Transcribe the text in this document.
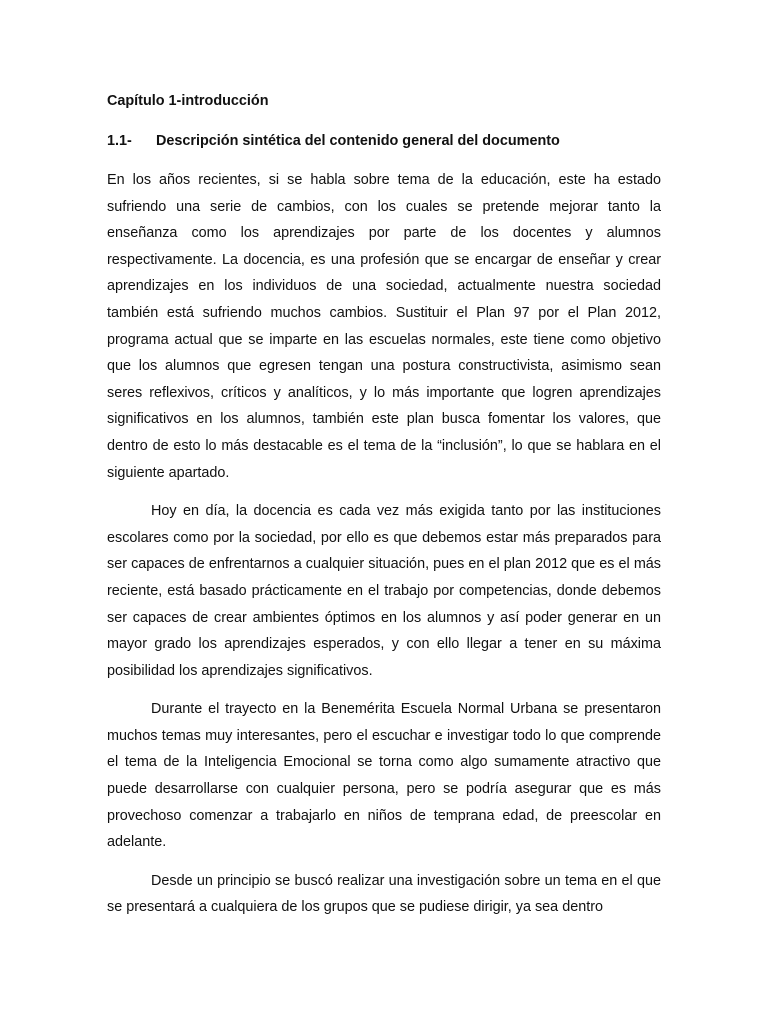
Capítulo 1-introducción
1.1- Descripción sintética del contenido general del documento

En los años recientes, si se habla sobre tema de la educación, este ha estado sufriendo una serie de cambios, con los cuales se pretende mejorar tanto la enseñanza como los aprendizajes por parte de los docentes y alumnos respectivamente. La docencia, es una profesión que se encargar de enseñar y crear aprendizajes en los individuos de una sociedad, actualmente nuestra sociedad también está sufriendo muchos cambios. Sustituir el Plan 97 por el Plan 2012, programa actual que se imparte en las escuelas normales, este tiene como objetivo que los alumnos que egresen tengan una postura constructivista, asimismo sean seres reflexivos, críticos y analíticos, y lo más importante que logren aprendizajes significativos en los alumnos, también este plan busca fomentar los valores, que dentro de esto lo más destacable es el tema de la “inclusión”, lo que se hablara en el siguiente apartado.

Hoy en día, la docencia es cada vez más exigida tanto por las instituciones escolares como por la sociedad, por ello es que debemos estar más preparados para ser capaces de enfrentarnos a cualquier situación, pues en el plan 2012 que es el más reciente, está basado prácticamente en el trabajo por competencias, donde debemos ser capaces de crear ambientes óptimos en los alumnos y así poder generar en un mayor grado los aprendizajes esperados, y con ello llegar a tener en su máxima posibilidad los aprendizajes significativos.

Durante el trayecto en la Benemérita Escuela Normal Urbana se presentaron muchos temas muy interesantes, pero el escuchar e investigar todo lo que comprende el tema de la Inteligencia Emocional se torna como algo sumamente atractivo que puede desarrollarse con cualquier persona, pero se podría asegurar que es más provechoso comenzar a trabajarlo en niños de temprana edad, de preescolar en adelante.

Desde un principio se buscó realizar una investigación sobre un tema en el que se presentará a cualquiera de los grupos que se pudiese dirigir, ya sea dentro
